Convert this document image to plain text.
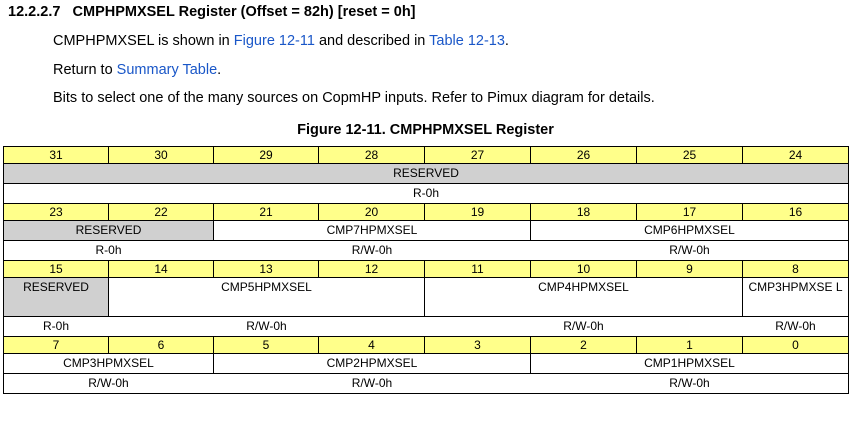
12.2.2.7 CMPHPMXSEL Register (Offset = 82h) [reset = 0h]
CMPHPMXSEL is shown in Figure 12-11 and described in Table 12-13.
Return to Summary Table.
Bits to select one of the many sources on CopmHP inputs. Refer to Pimux diagram for details.
Figure 12-11. CMPHPMXSEL Register
31	30	29	28	27	26	25	24
RESERVED							
R-0h							
23	22	21	20	19	18	17	16
RESERVED		CMP7HPMXSEL			CMP6HPMXSEL		
R-0h		R/W-0h			R/W-0h		
15	14	13	12	11	10	9	8
RESERVED	CMP5HPMXSEL			CMP4HPMXSEL			CMP3HPMXSE L
R-0h	R/W-0h			R/W-0h			R/W-0h
7	6	5	4	3	2	1	0
CMP3HPMXSEL		CMP2HPMXSEL			CMP1HPMXSEL		
R/W-0h		R/W-0h			R/W-0h		
